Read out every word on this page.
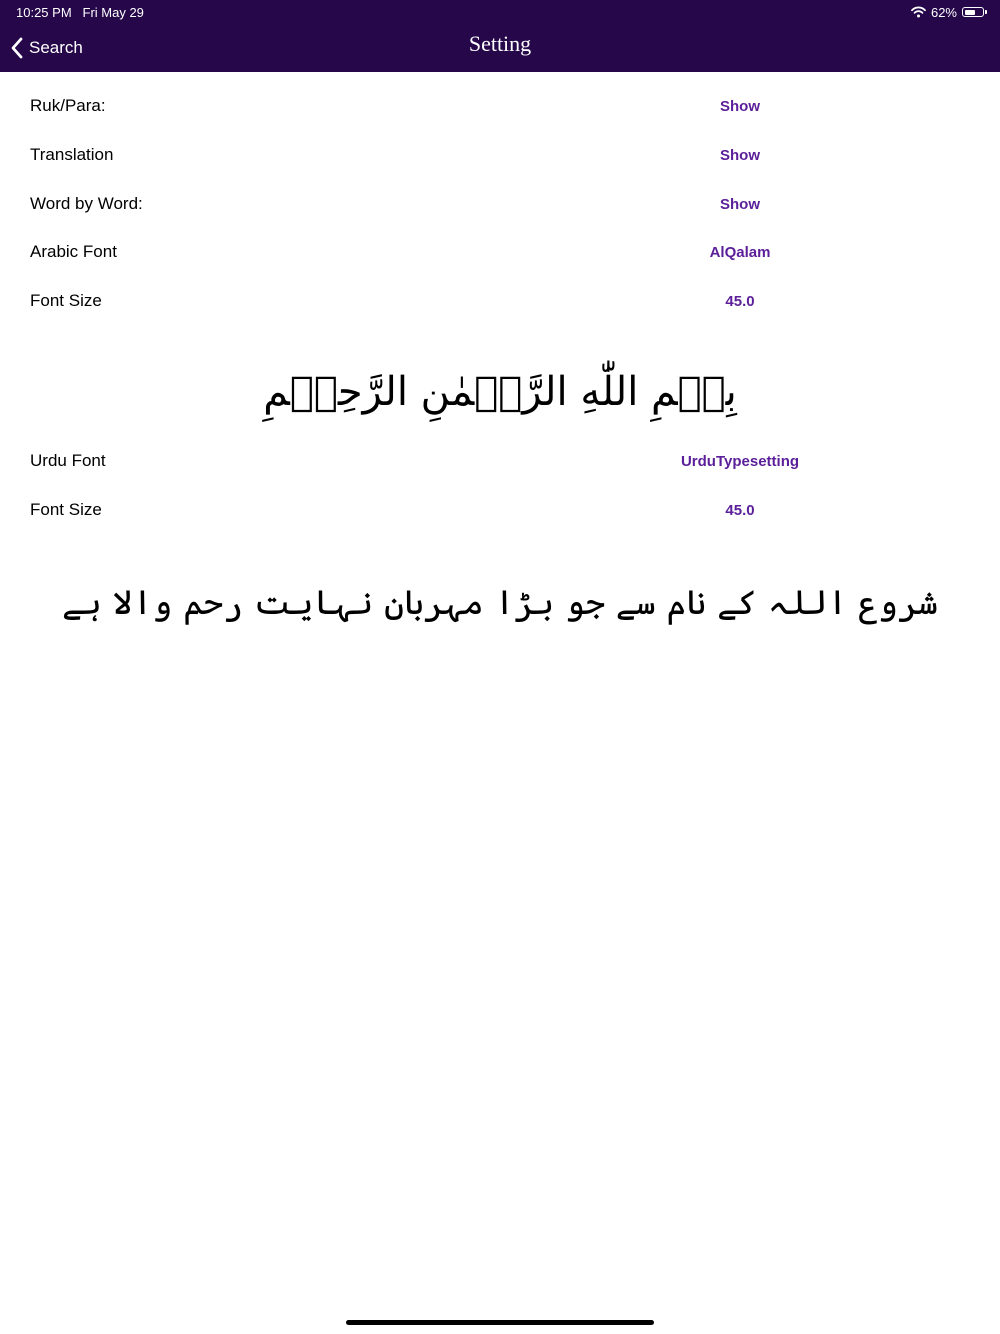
10:25 PM Fri May 29	62%
Search	Setting
Ruk/Para:	Show
Translation	Show
Word by Word:	Show
Arabic Font	AlQalam
Font Size	45.0
بِسۡمِ اللّٰهِ الرَّحۡمٰنِ الرَّحِيۡمِ
Urdu Font	UrduTypesetting
Font Size	45.0
شروع اللہ کے نام سے جو بڑا مہربان نہایت رحم والا ہے
